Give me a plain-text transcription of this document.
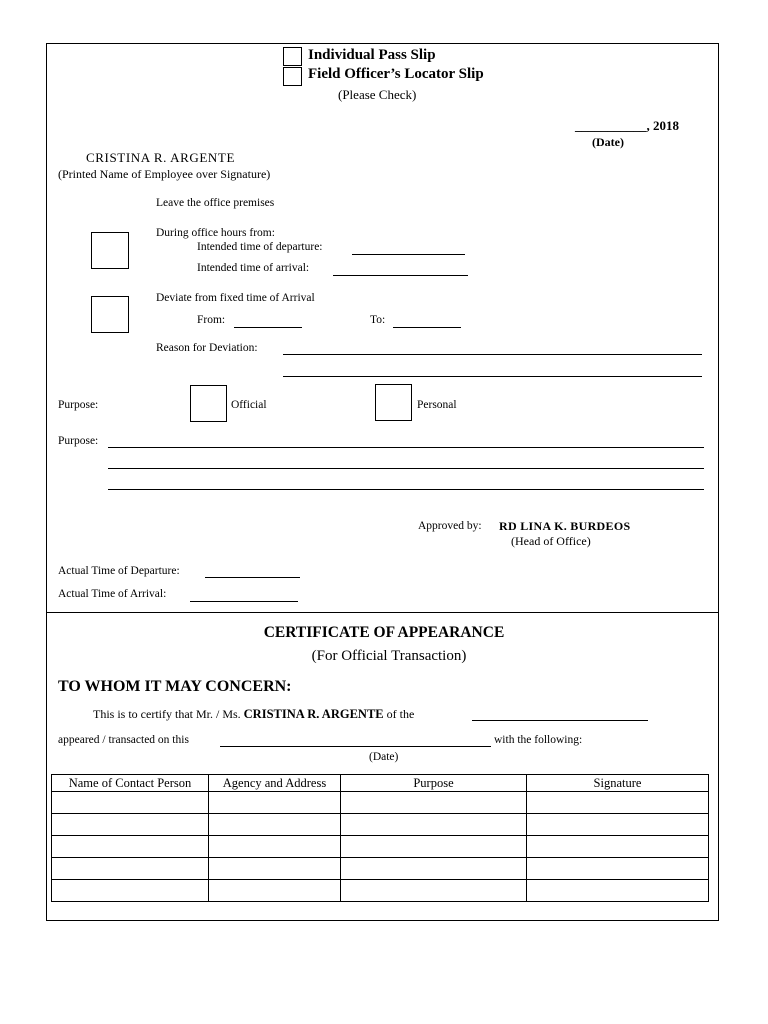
Individual Pass Slip
Field Officer’s Locator Slip
(Please Check)
___________, 2018
(Date)
CRISTINA R. ARGENTE
(Printed Name of Employee over Signature)
Leave the office premises
During office hours from:
Intended time of departure:
Intended time of arrival:
Deviate from fixed time of Arrival
From:	To:
Reason for Deviation:
Purpose:	Official	Personal
Purpose:
Approved by: RD LINA K. BURDEOS
(Head of Office)
Actual Time of Departure:
Actual Time of Arrival:
CERTIFICATE OF APPEARANCE
(For Official Transaction)
TO WHOM IT MAY CONCERN:
This is to certify that Mr. / Ms. CRISTINA R. ARGENTE of the
appeared / transacted on this	with the following:
(Date)
Name of Contact Person	Agency and Address	Purpose	Signature
